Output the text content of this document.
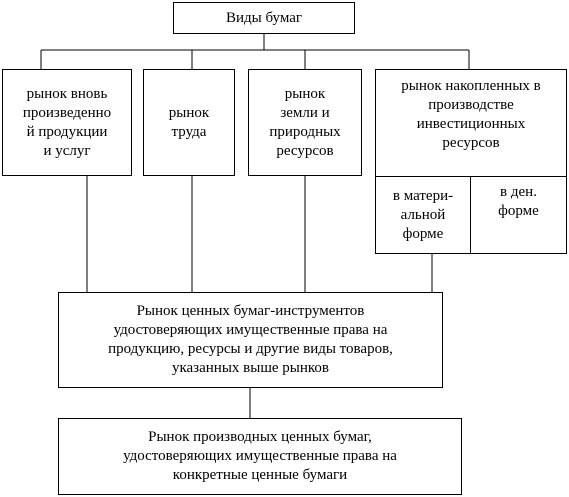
Виды бумаг
рынок вновь
произведенно
й продукции
и услуг
рынок
труда
рынок
земли и
природных
ресурсов
рынок накопленных в
производстве
инвестиционных
ресурсов
в матери-
альной
форме
в ден.
форме
Рынок ценных бумаг-инструментов
удостоверяющих имущественные права на
продукцию, ресурсы и другие виды товаров,
указанных выше рынков
Рынок производных ценных бумаг,
удостоверяющих имущественные права на
конкретные ценные бумаги
